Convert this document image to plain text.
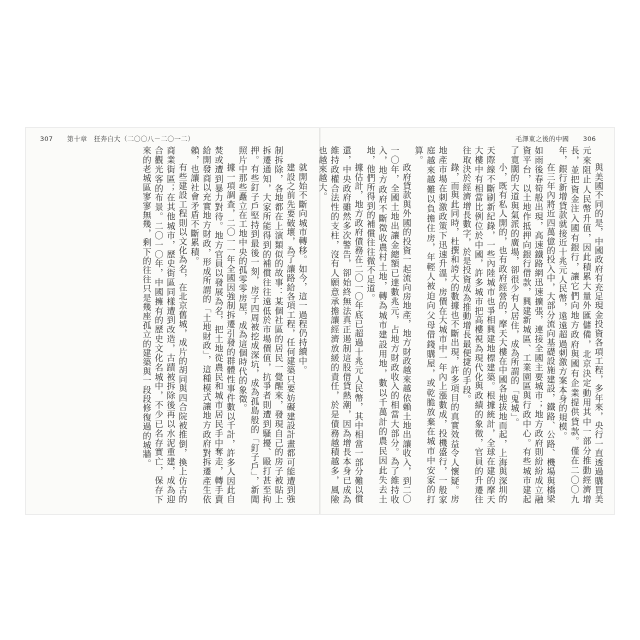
307 第十章　 狂奔自大（二〇〇八－二〇一二）	毛澤東之後的中國 306

就開始不斷向城市轉移。如今，這一過程仍持續中。

建設之前先要破壞，為了讓路給各項工程，任何建築只要妨礙建設計畫都可能遭到強制拆除，各地都在上演類似的故事：某個社區的居民一覺醒來，發現自己的房子被貼上拆遷通知，大家所能得到的補償往往遠低於市場價值，抗爭者則遭到騷擾、毆打甚至拘押。有些釘子戶堅持到最後一刻，房子四周被挖成深坑，成為孤島般的「釘子戶」，新聞照片中那些矗立在工地中央的孤零零房屋，成為這個時代的象徵。

據一項調查，二〇一一年全國因強制拆遷引發的群體性事件數以千計，許多人因此自焚或遭到暴力對待。地方官員以發展為名，把土地從農民和城市居民手中奪走，轉手賣給開發商以充實地方財政，形成所謂的「土地財政」，這種模式讓地方政府對拆遷產生依賴，也讓社會矛盾不斷累積。

有些建設工程則以文化為名，在北京舊城，成片的胡同與四合院被推倒，換上仿古的商業街區；在其他城市，歷史街區同樣遭到改造，古蹟被拆除後再以水泥重建，成為迎合觀光客的布景。二〇一〇年，中國擁有的歷史文化名城中，不少已名存實亡，保存下來的老城區寥寥無幾，剩下的往往只是幾座孤立的建築與一段段修復過的城牆。	與美國不同的是，中國政府有充足現金投資各項工程，多年來，央行一直透過購買美元來阻止人民幣升值，因此積累大量外匯儲備，北京決定動用其中一部分推動經濟增長，並把資金注入國有銀行，讓它們向地方政府與國有企業提供貸款。僅在二〇〇九年，銀行新增貸款就接近十兆元人民幣，遠遠超過刺激方案本身的規模。

在三年內將近四萬億的投入中，大部分流向基礎設施建設，鐵路、公路、機場與橋梁如雨後春筍般出現，高速鐵路網迅速擴張，連接全國主要城市；地方政府則紛紛成立融資平台，以土地作抵押向銀行借款，興建新城區、工業園區與行政中心。有些城市建起了寬闊的大道與氣派的廣場，卻很少有人居住，成為所謂的「鬼城」。

小，既有私人開的，也有政府經營的，摩天大樓在中國各地拔地而起，上海與深圳的天際線不斷刷新紀錄，一些內陸城市也爭相興建地標建築。根據統計，全球在建的摩天大樓中有相當比例位於中國，許多城市把高樓視為現代化與政績的象徵，官員的升遷往往取決於經濟增長數字，於是投資成為推動增長最便捷的手段。

錄，而與此同時，杜撰和誇大的數據也不斷出現，許多項目的真實效益令人懷疑。房地產市場在刺激政策下迅速升溫，房價在大城市中一年內上漲數成，投機盛行，一般家庭越來越難以負擔住房，年輕人被迫向父母借錢購屋，或乾脆放棄在城市中安家的打算。

政府貸款與外國的投資一起流向房地產，地方財政越來越依賴土地出讓收入，到二〇一〇年，全國土地出讓金總額已達數兆元，占地方財政收入的相當大部分。為了維持收入，地方政府不斷徵收農村土地，轉為城市建設用地，數以千萬計的農民因此失去土地，他們所得到的補償往往微不足道。

據估計，地方政府債務在二〇一〇年底已超過十兆元人民幣，其中相當一部分難以償還，中央政府雖然多次警告，卻始終無法真正遏制這股借貸熱潮，因為增長本身已成為維持政權合法性的支柱，沒有人願意承擔讓經濟放緩的責任，於是債務越積越多，風險也越來越大。
